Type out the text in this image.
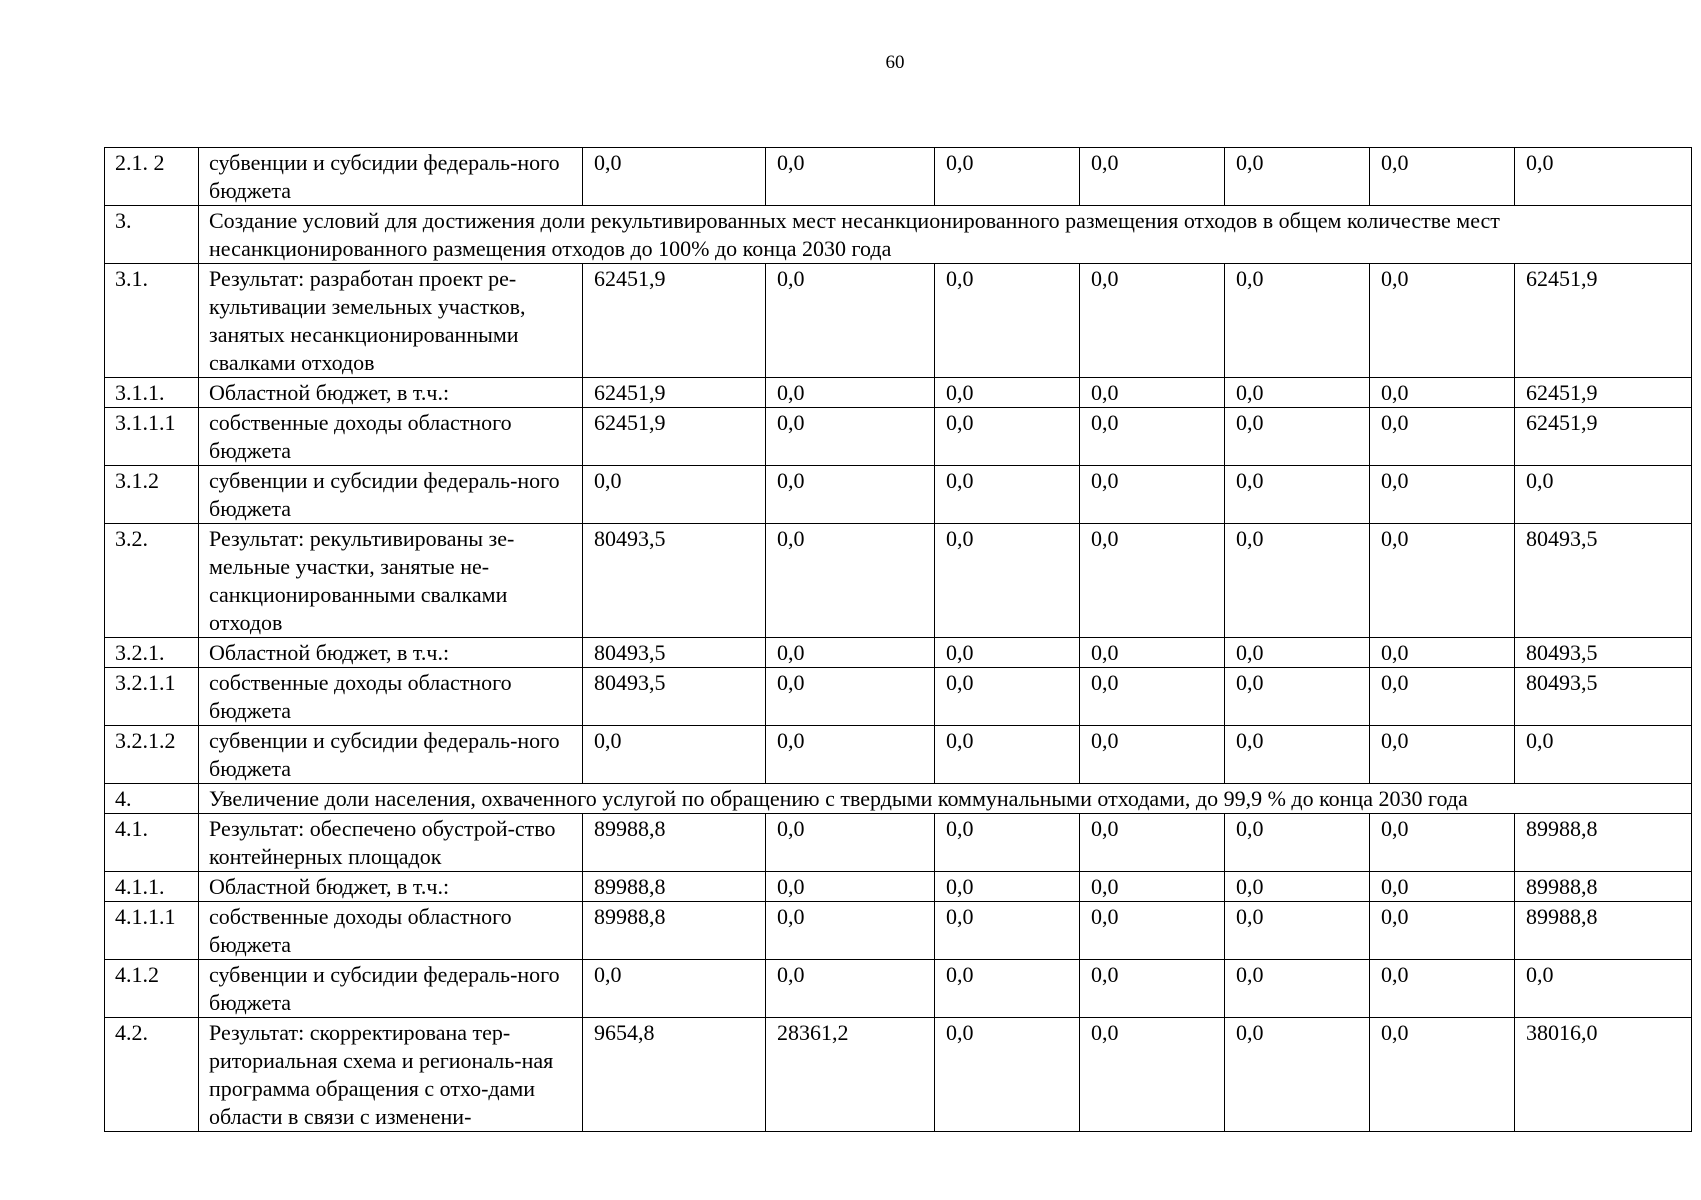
60
2.1. 2	субвенции и субсидии федераль-ного бюджета	0,0	0,0	0,0	0,0	0,0	0,0	0,0
3.	Создание условий для достижения доли рекультивированных мест несанкционированного размещения отходов в общем количестве мест несанкционированного размещения отходов до 100% до конца 2030 года							
3.1.	Результат: разработан проект ре-культивации земельных участков, занятых несанкционированными свалками отходов	62451,9	0,0	0,0	0,0	0,0	0,0	62451,9
3.1.1.	Областной бюджет, в т.ч.:	62451,9	0,0	0,0	0,0	0,0	0,0	62451,9
3.1.1.1	собственные доходы областного бюджета	62451,9	0,0	0,0	0,0	0,0	0,0	62451,9
3.1.2	субвенции и субсидии федераль-ного бюджета	0,0	0,0	0,0	0,0	0,0	0,0	0,0
3.2.	Результат: рекультивированы зе-мельные участки, занятые не-санкционированными свалками отходов	80493,5	0,0	0,0	0,0	0,0	0,0	80493,5
3.2.1.	Областной бюджет, в т.ч.:	80493,5	0,0	0,0	0,0	0,0	0,0	80493,5
3.2.1.1	собственные доходы областного бюджета	80493,5	0,0	0,0	0,0	0,0	0,0	80493,5
3.2.1.2	субвенции и субсидии федераль-ного бюджета	0,0	0,0	0,0	0,0	0,0	0,0	0,0
4.	Увеличение доли населения, охваченного услугой по обращению с твердыми коммунальными отходами, до 99,9 % до конца 2030 года							
4.1.	Результат: обеспечено обустрой-ство контейнерных площадок	89988,8	0,0	0,0	0,0	0,0	0,0	89988,8
4.1.1.	Областной бюджет, в т.ч.:	89988,8	0,0	0,0	0,0	0,0	0,0	89988,8
4.1.1.1	собственные доходы областного бюджета	89988,8	0,0	0,0	0,0	0,0	0,0	89988,8
4.1.2	субвенции и субсидии федераль-ного бюджета	0,0	0,0	0,0	0,0	0,0	0,0	0,0
4.2.	Результат: скорректирована тер-риториальная схема и региональ-ная программа обращения с отхо-дами области в связи с изменени-	9654,8	28361,2	0,0	0,0	0,0	0,0	38016,0
